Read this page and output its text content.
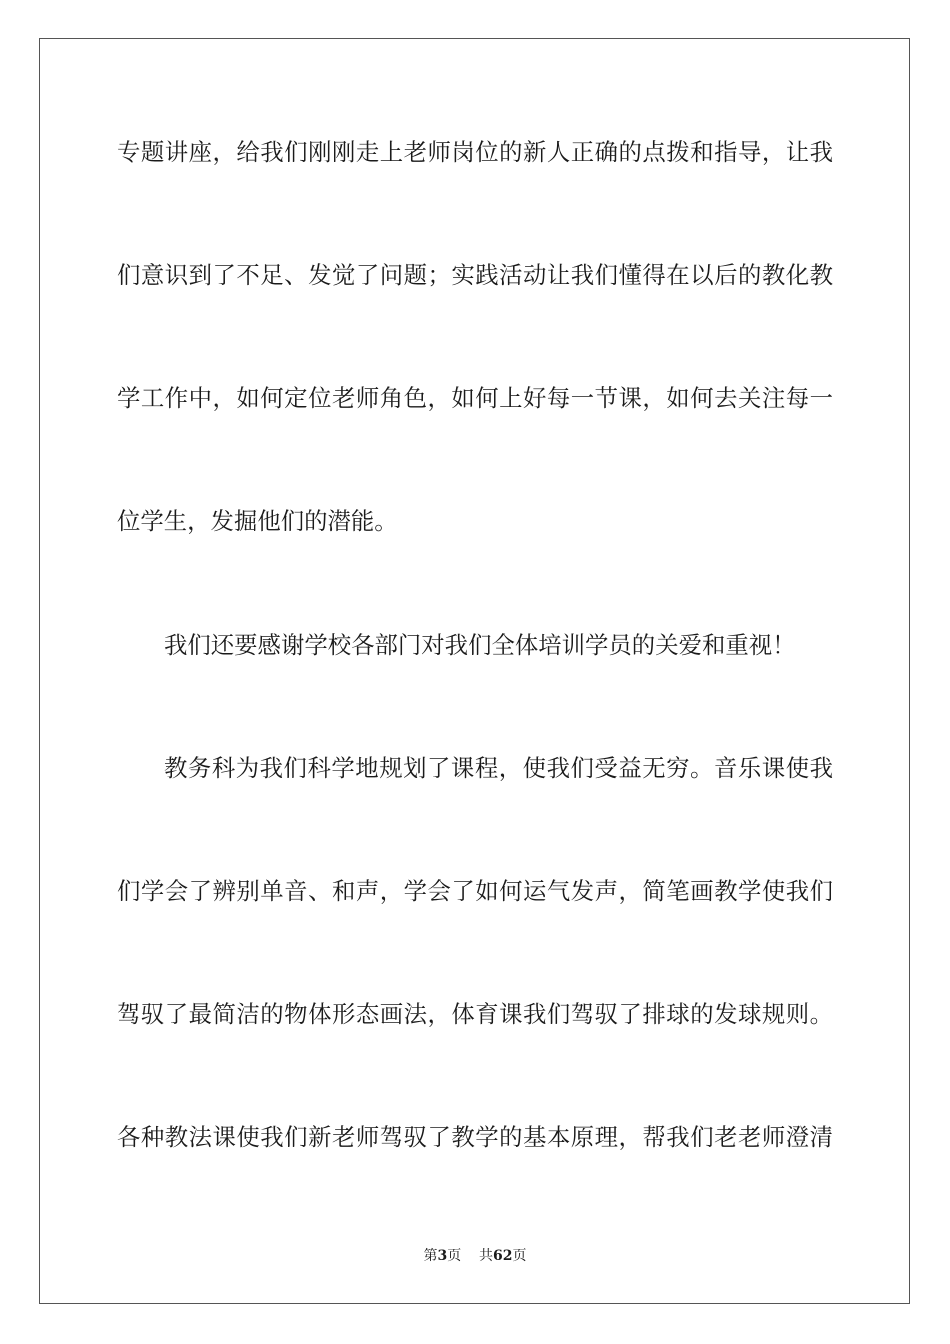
专题讲座，给我们刚刚走上老师岗位的新人正确的点拨和指导，让我
们意识到了不足、发觉了问题；实践活动让我们懂得在以后的教化教
学工作中，如何定位老师角色，如何上好每一节课，如何去关注每一
位学生，发掘他们的潜能。
我们还要感谢学校各部门对我们全体培训学员的关爱和重视！
教务科为我们科学地规划了课程，使我们受益无穷。音乐课使我
们学会了辨别单音、和声，学会了如何运气发声，简笔画教学使我们
驾驭了最简洁的物体形态画法，体育课我们驾驭了排球的发球规则。
各种教法课使我们新老师驾驭了教学的基本原理，帮我们老老师澄清
第3页 共62页
